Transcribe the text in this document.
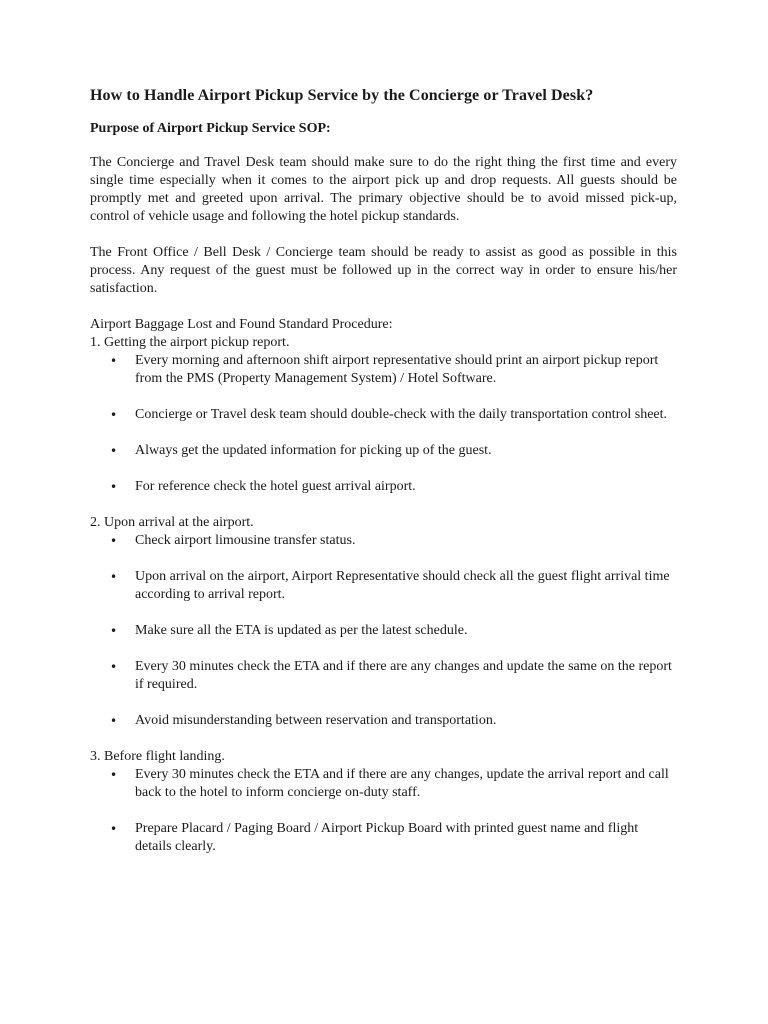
How to Handle Airport Pickup Service by the Concierge or Travel Desk?
Purpose of Airport Pickup Service SOP:

The Concierge and Travel Desk team should make sure to do the right thing the first time and every single time especially when it comes to the airport pick up and drop requests. All guests should be promptly met and greeted upon arrival. The primary objective should be to avoid missed pick-up, control of vehicle usage and following the hotel pickup standards.

The Front Office / Bell Desk / Concierge team should be ready to assist as good as possible in this process. Any request of the guest must be followed up in the correct way in order to ensure his/her satisfaction.

Airport Baggage Lost and Found Standard Procedure:
1. Getting the airport pickup report.
• Every morning and afternoon shift airport representative should print an airport pickup report from the PMS (Property Management System) / Hotel Software.
• Concierge or Travel desk team should double-check with the daily transportation control sheet.
• Always get the updated information for picking up of the guest.
• For reference check the hotel guest arrival airport.
2. Upon arrival at the airport.
• Check airport limousine transfer status.
• Upon arrival on the airport, Airport Representative should check all the guest flight arrival time according to arrival report.
• Make sure all the ETA is updated as per the latest schedule.
• Every 30 minutes check the ETA and if there are any changes and update the same on the report if required.
• Avoid misunderstanding between reservation and transportation.
3. Before flight landing.
• Every 30 minutes check the ETA and if there are any changes, update the arrival report and call back to the hotel to inform concierge on-duty staff.
• Prepare Placard / Paging Board / Airport Pickup Board with printed guest name and flight details clearly.
